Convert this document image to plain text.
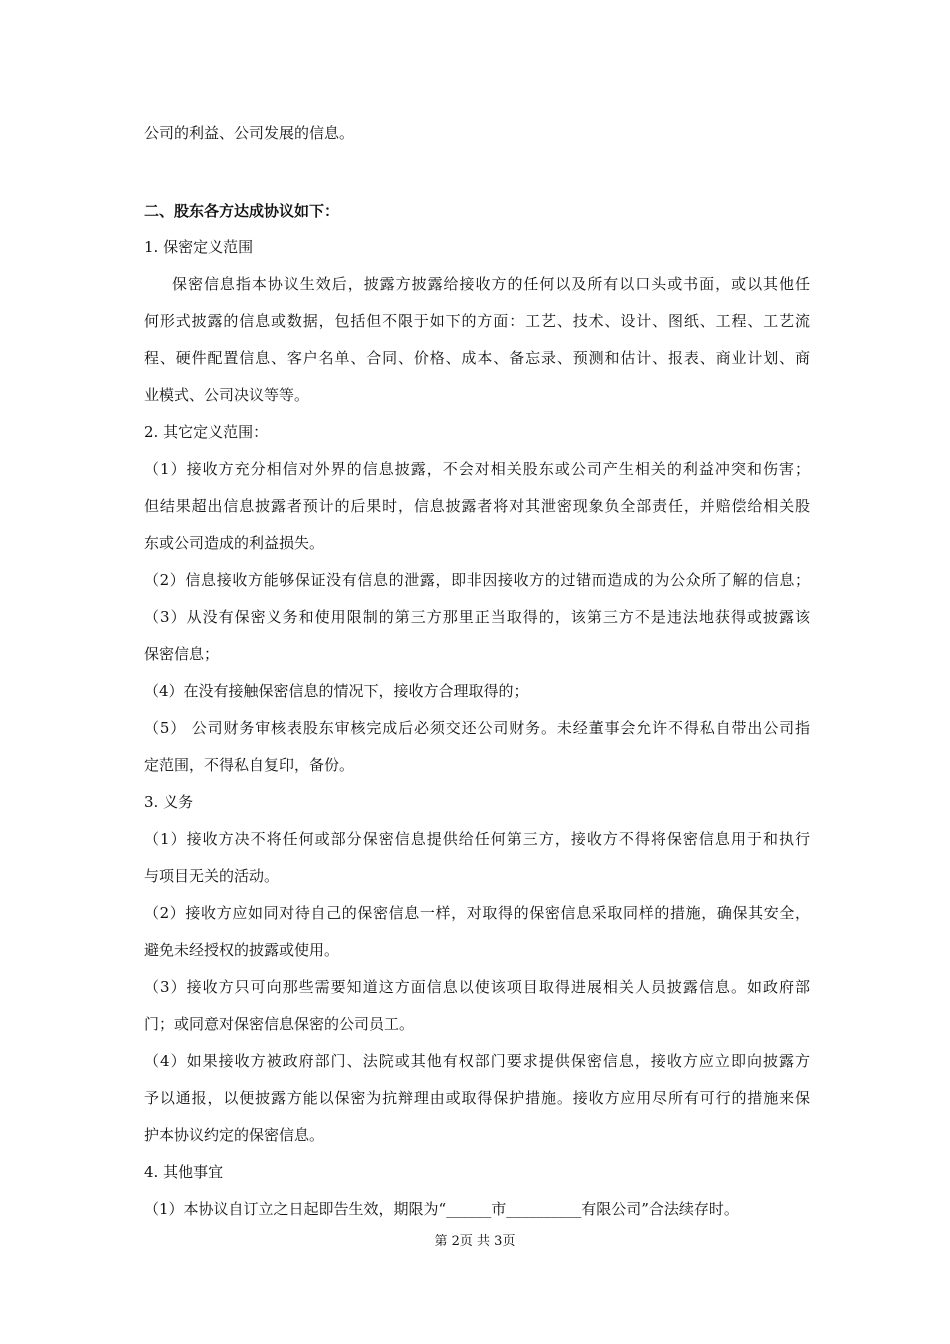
公司的利益、公司发展的信息。
二、股东各方达成协议如下：
1. 保密定义范围
保密信息指本协议生效后，披露方披露给接收方的任何以及所有以口头或书面，或以其他任
何形式披露的信息或数据，包括但不限于如下的方面：工艺、技术、设计、图纸、工程、工艺流
程、硬件配置信息、客户名单、合同、价格、成本、备忘录、预测和估计、报表、商业计划、商
业模式、公司决议等等。
2. 其它定义范围：
（1）接收方充分相信对外界的信息披露，不会对相关股东或公司产生相关的利益冲突和伤害；
但结果超出信息披露者预计的后果时，信息披露者将对其泄密现象负全部责任，并赔偿给相关股
东或公司造成的利益损失。
（2）信息接收方能够保证没有信息的泄露，即非因接收方的过错而造成的为公众所了解的信息；
（3）从没有保密义务和使用限制的第三方那里正当取得的，该第三方不是违法地获得或披露该
保密信息；
（4）在没有接触保密信息的情况下，接收方合理取得的；
（5） 公司财务审核表股东审核完成后必须交还公司财务。未经董事会允许不得私自带出公司指
定范围，不得私自复印，备份。
3. 义务
（1）接收方决不将任何或部分保密信息提供给任何第三方，接收方不得将保密信息用于和执行
与项目无关的活动。
（2）接收方应如同对待自己的保密信息一样，对取得的保密信息采取同样的措施，确保其安全，
避免未经授权的披露或使用。
（3）接收方只可向那些需要知道这方面信息以使该项目取得进展相关人员披露信息。如政府部
门；或同意对保密信息保密的公司员工。
（4）如果接收方被政府部门、法院或其他有权部门要求提供保密信息，接收方应立即向披露方
予以通报，以便披露方能以保密为抗辩理由或取得保护措施。接收方应用尽所有可行的措施来保
护本协议约定的保密信息。
4. 其他事宜
（1）本协议自订立之日起即告生效，期限为“______市__________有限公司”合法续存时。
第 2页 共 3页
